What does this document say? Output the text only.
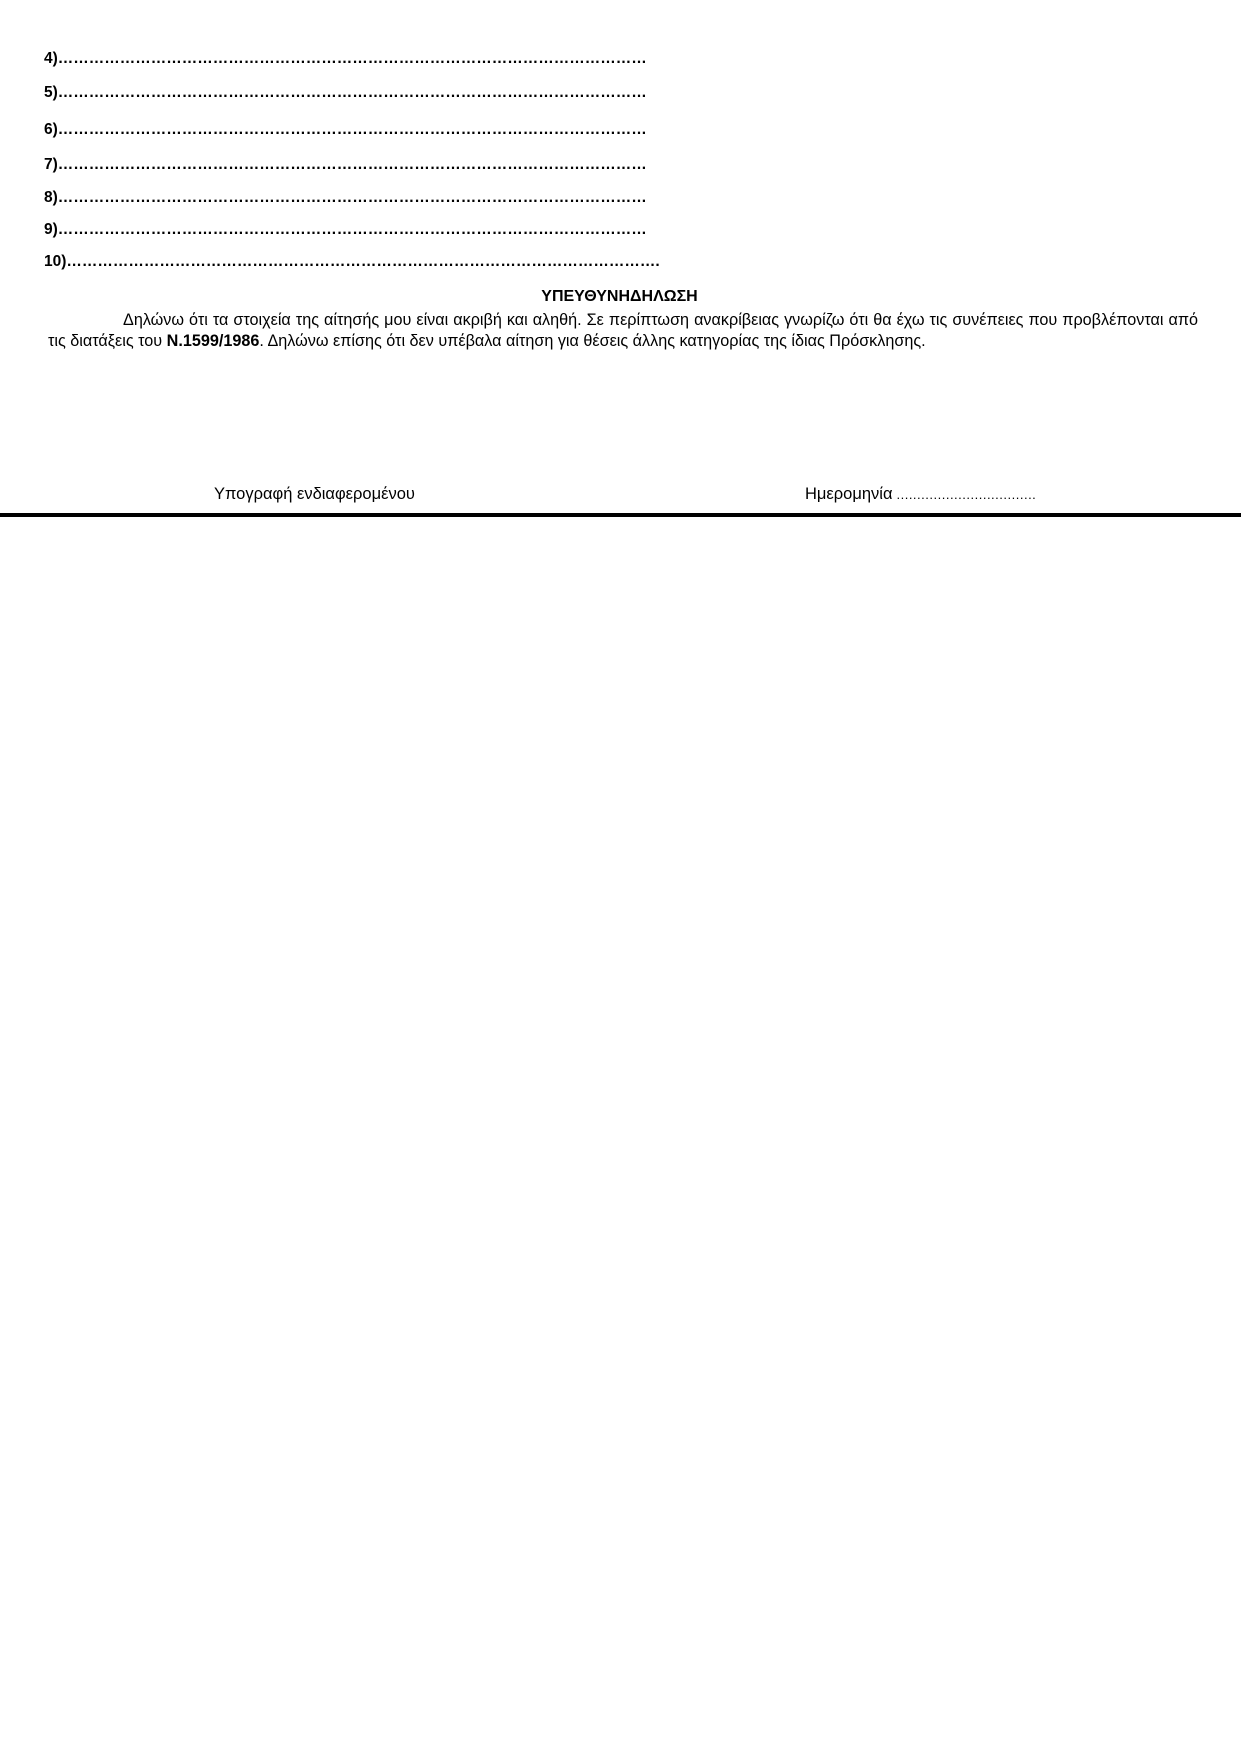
4)……………………………………………………………………………………………………
5)……………………………………………………………………………………………………
6)……………………………………………………………………………………………………
7)……………………………………………………………………………………………………
8)……………………………………………………………………………………………………
9)……………………………………………………………………………………………………
10)…………………………………………………………………………………………………….
ΥΠΕΥΘΥΝΗΔΗΛΩΣΗ
Δηλώνω ότι τα στοιχεία της αίτησής μου είναι ακριβή και αληθή. Σε περίπτωση ανακρίβειας γνωρίζω ότι θα έχω τις συνέπειες που προβλέπονται από τις διατάξεις του Ν.1599/1986. Δηλώνω επίσης ότι δεν υπέβαλα αίτηση για θέσεις άλλης κατηγορίας της ίδιας Πρόσκλησης.
Υπογραφή ενδιαφερομένου	Ημερομηνία ..................................
